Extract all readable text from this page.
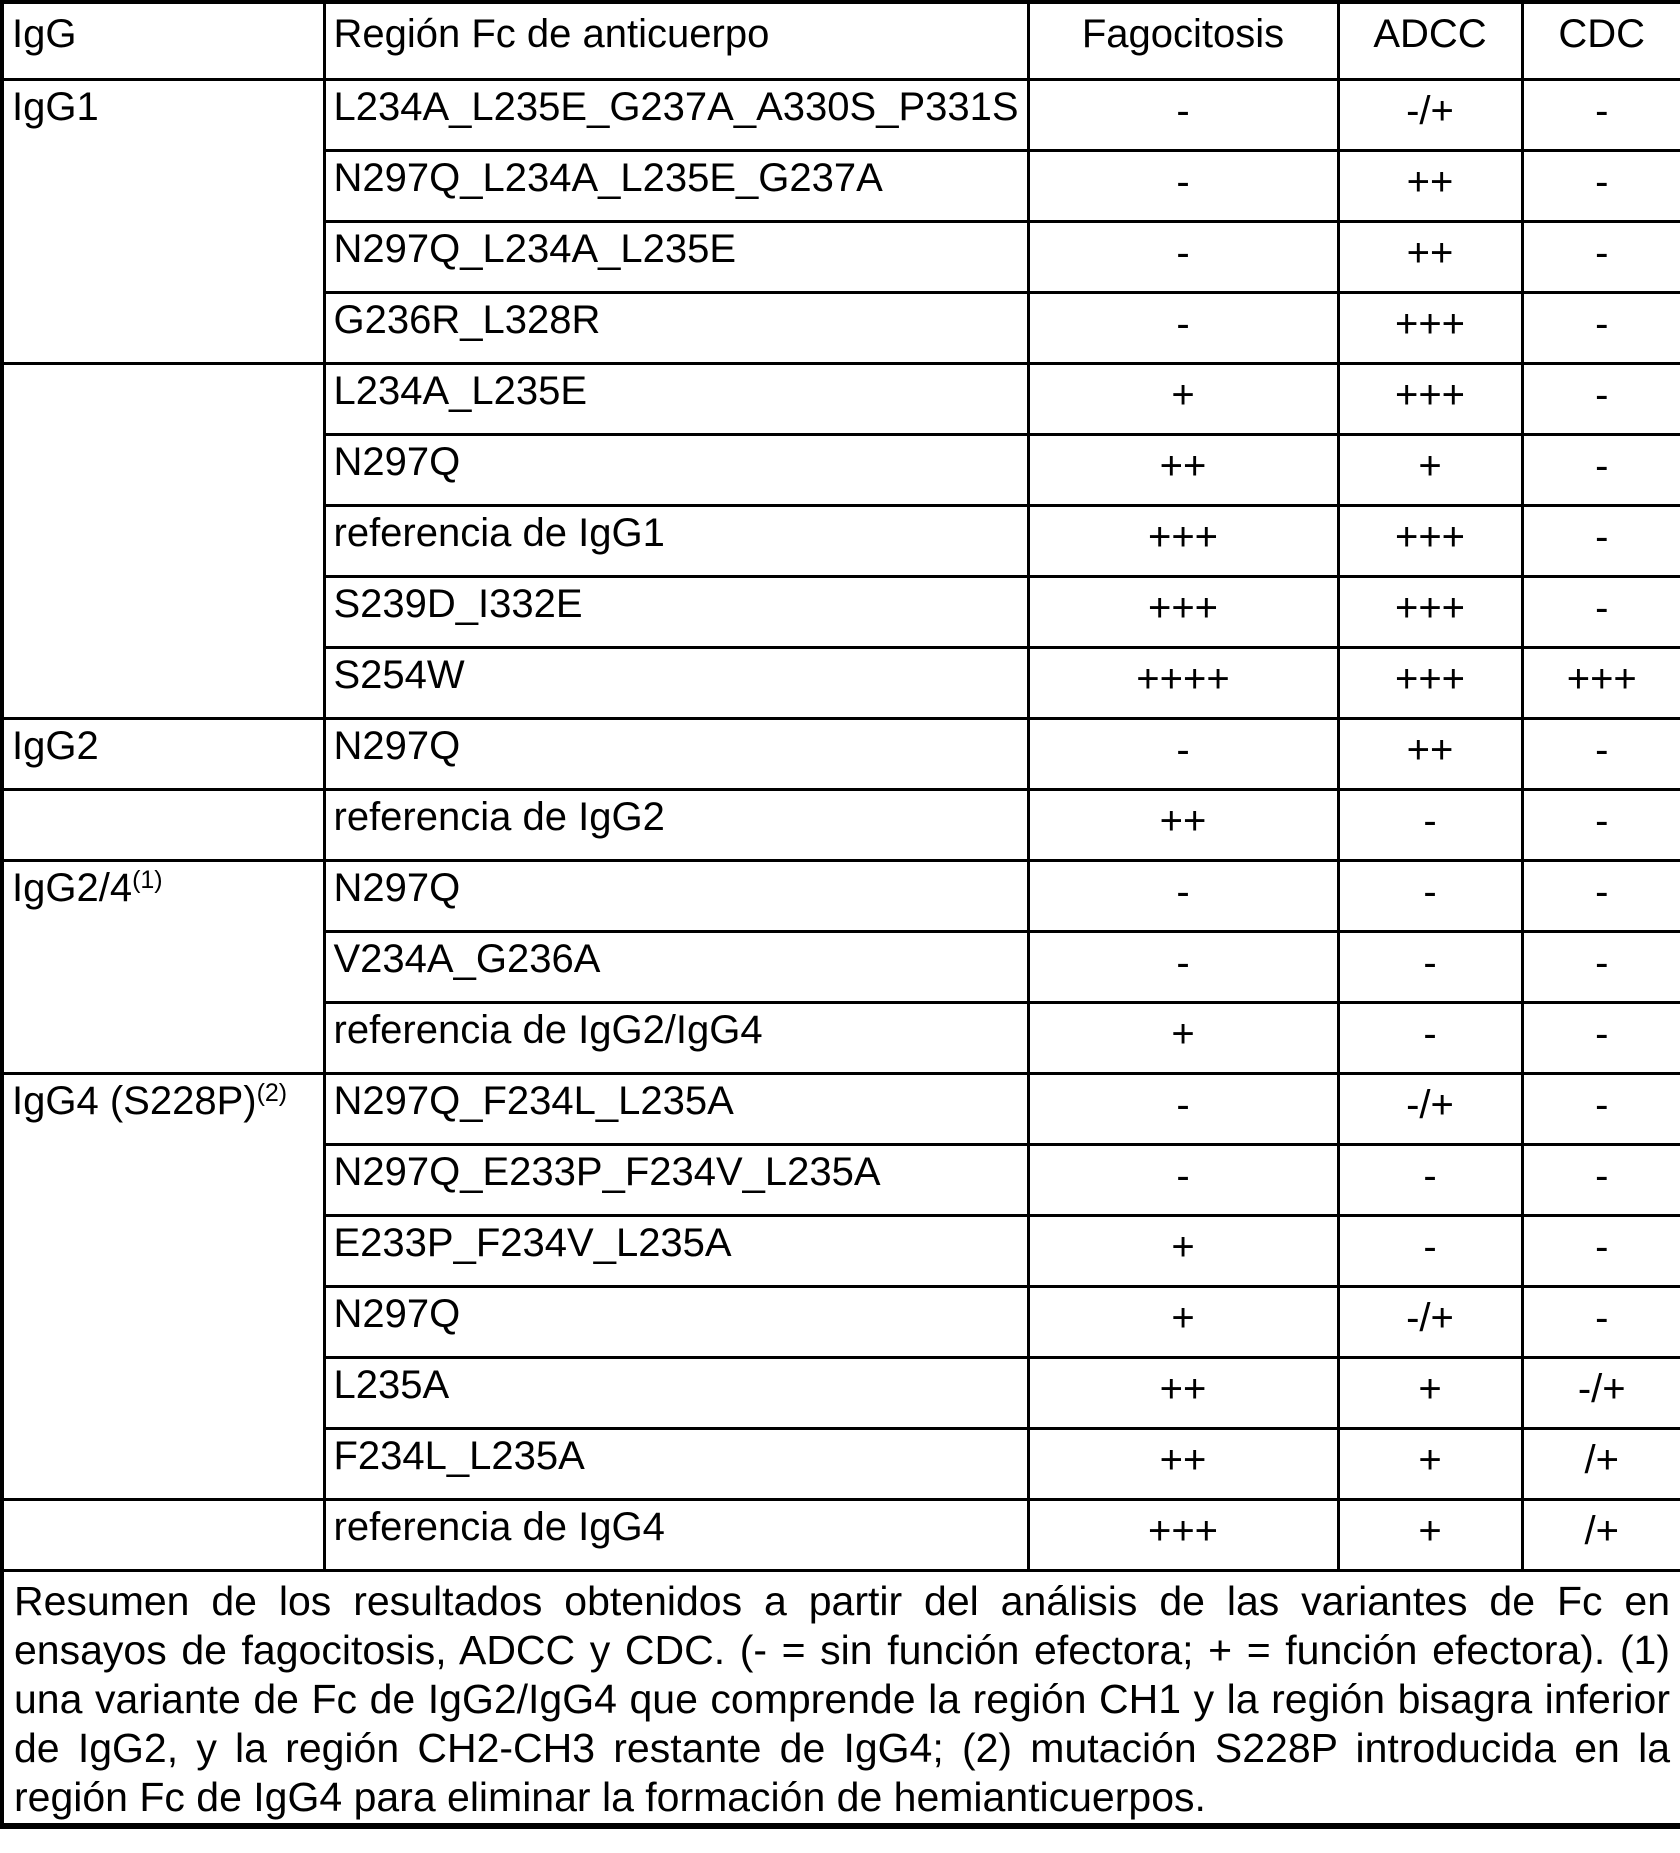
IgG	Región Fc de anticuerpo	Fagocitosis	ADCC	CDC
IgG1	L234A_L235E_G237A_A330S_P331S	-	-/+	-
	N297Q_L234A_L235E_G237A	-	++	-
	N297Q_L234A_L235E	-	++	-
	G236R_L328R	-	+++	-
	L234A_L235E	+	+++	-
	N297Q	++	+	-
	referencia de IgG1	+++	+++	-
	S239D_I332E	+++	+++	-
	S254W	++++	+++	+++
IgG2	N297Q	-	++	-
	referencia de IgG2	++	-	-
IgG2/4$^{(1)}$	N297Q	-	-	-
	V234A_G236A	-	-	-
	referencia de IgG2/IgG4	+	-	-
IgG4 $(S228P)^{(2)}$	N297Q_F234L_L235A	-	-/+	-
	N297Q_E233P_F234V_L235A	-	-	-
	E233P_F234V_L235A	+	-	-
	N297Q	+	-/+	-
	L235A	++	+	-/+
	F234L_L235A	++	+	/+
	referencia de IgG4	+++	+	/+
Resumen de los resultados obtenidos a partir del análisis de las variantes de Fc en ensayos de fagocitosis, ADCC y CDC. (- = sin función efectora; + = función efectora). (1) una variante de Fc de IgG2/IgG4 que comprende la región CH1 y la región bisagra inferior de IgG2, y la región CH2-CH3 restante de IgG4; (2) mutación S228P introducida en la región Fc de IgG4 para eliminar la formación de hemianticuerpos.				
